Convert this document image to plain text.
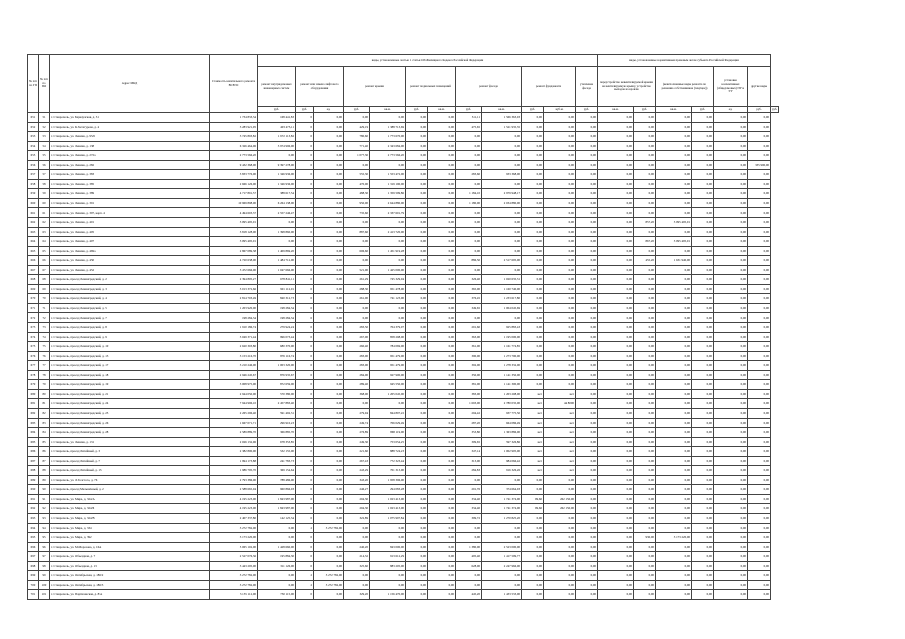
№ п/п по ГП	№ п/п по ПО	Адрес МКД	Стоимость капитального ремонта ВСЕГО	виды, установленные частью 1 статьи 166 Жилищного Кодекса Российской Федерации												виды, установленные нормативным правовым актом субъекта Российской Федерации						
				ремонт внутридомовых инженерных систем	ремонт или замена лифтового оборудования		ремонт крыши		ремонт подвальных помещений		ремонт фасада		ремонт фундамента		утепление фасада	переустройство невентилируемой крыши на вентилируемую крышу, устройство выходов на кровлю		(неисполненные виды ремонта по решению собственников (текущее))		установка коллективных (общедомовых) ПУ и УУ	другие виды	
				руб.	руб.	ед.	руб.	кв.м.	руб.	кв.м.	руб.	кв.м.	руб.	куб.м.	руб.	кв.м.	руб.	кв.м.	руб.	ед.	руб.	руб.
651	51	г. Ставрополь, ул. Барнаулская, д. 31	1 734 833,34	168 441,83	0	0,00	0,00	0,00	0,00	0,00	511,11	1 566 363,03	0,00	0,00	0,00	0,00	0,00	0,00	0,00	0,00	0,00	
652	52	г. Ставрополь, ул. К.Хетагурова, д. 4	3 283 921,95	403 475,11	0	0,00	429,19	1 388 713,69	0,00	0,00	475,65	1 521 935,35	0,00	0,00	0,00	0,00	0,00	0,00	0,00	0,00	0,00	
653	53	г. Ставрополь, ул. Ленина, д. 95/6	3 745 893,82	1 972 113,82	0	0,00	780,60	1 773 670,00	0,00	0,00	0,00	0,00	0,00	0,00	0,00	0,00	0,00	0,00	0,00	0,00	0,00	
654	54	г. Ставрополь, ул. Ленина, д. 138	6 326 464,06	3 974 996,00	0	0,00	771,40	2 343 684,00	0,00	0,00	0,00	0,00	0,00	0,00	0,00	0,00	0,00	0,00	0,00	0,00	0,00	
655	55	г. Ставрополь, ул. Ленина, д. 272а	2 773 566,20	0,00	0	0,00	1 077,30	2 773 566,20	0,00	0,00	0,00	0,00	0,00	0,00	0,00	0,00	0,00	0,00	0,00	0,00	0,00	
656	56	г. Ставрополь, ул. Ленина, д. 282	9 432 368,00	9 397 278,00	0	0,00	0,00	0,00	0,00	0,00	0,00	0,00	0,00	0,00	0,00	0,00	0,00	0,00	0,00	0,00	335 990,00	
657	57	г. Ставрополь, ул. Ленина, д. 383	3 833 776,00	1 346 936,00	0	0,00	555,30	1 553 472,00	0,00	0,00	283,60	933 368,00	0,00	0,00	0,00	0,00	0,00	0,00	0,00	0,00	0,00	
658	58	г. Ставрополь, ул. Ленина, д. 385	2 666 126,00	1 346 936,00	0	0,00	470,00	1 319 190,00	0,00	0,00	0,00	0,00	0,00	0,00	0,00	0,00	0,00	0,00	0,00	0,00	0,00	
659	59	г. Ставрополь, ул. Ленина, д. 389	4 717 891,57	388 617,54	0	0,00	488,30	1 359 599,86	0,00	0,00	1 184,10	2 979 948,17	0,00	0,00	0,00	0,00	0,00	0,00	0,00	0,00	0,00	
660	60	г. Ставрополь, ул. Ленина, д. 391	10 969 898,00	6 264 138,00	0	0,00	950,00	2 644 880,00	0,00	0,00	1 180,00	2 034 880,00	0,00	0,00	0,00	0,00	0,00	0,00	0,00	0,00	0,00	
661	61	г. Ставрополь, ул. Ленина, д. 397, корп. 4	4 494 603,37	2 557 246,47	0	0,00	735,60	2 337 601,79	0,00	0,00	0,00	0,00	0,00	0,00	0,00	0,00	0,00	0,00	0,00	0,00	0,00	
662	62	г. Ставрополь, ул. Ленина, д. 401	3 095 495,01	0,00	0	0,00	0,00	0,00	0,00	0,00	0,00	0,00	0,00	0,00	0,00	0,00	857,20	3 095 495,01	0,00	0,00	0,00	
663	63	г. Ставрополь, ул. Ленина, д. 405	3 818 128,00	1 398 860,00	0	0,00	887,60	2 413 720,00	0,00	0,00	0,00	0,00	0,00	0,00	0,00	0,00	0,00	0,00	0,00	0,00	0,00	
664	64	г. Ставрополь, ул. Ленина, д. 407	3 095 495,01	0,00	0	0,00	0,00	0,00	0,00	0,00	0,00	0,00	0,00	0,00	0,00	0,00	867,20	3 095 495,01	0,00	0,00	0,00	
665	65	г. Ставрополь, ул. Ленина, д. 469а	2 867 089,38	1 409 869,20	0	0,00	606,60	1 451 919,28	0,00	0,00	0,00	0,00	0,00	0,00	0,00	0,00	0,00	0,00	0,00	0,00	0,00	
666	66	г. Ставрополь, ул. Ленина, д. 450	4 720 638,00	1 484 712,00	0	0,00	0,00	0,00	0,00	0,00	886,50	2 517 695,00	0,00	0,00	0,00	0,00	455,20	1 631 940,00	0,00	0,00	0,00	
667	67	г. Ставрополь, ул. Ленина, д. 452	3 472 666,00	1 047 666,00	0	0,00	521,00	1 425 000,00	0,00	0,00	0,00	0,00	0,00	0,00	0,00	0,00	0,00	0,00	0,00	0,00	0,00	
668	68	г. Ставрополь, проезд Ленинградский, д. 2	2 394 805,27	678 841,11	0	0,00	261,29	745 329,04	0,00	0,00	326,40	1 020 635,31	0,00	0,00	0,00	0,00	0,00	0,00	0,00	0,00	0,00	
669	69	г. Ставрополь, проезд Ленинградский, д. 3	3 013 372,66	901 112,01	0	0,00	288,30	951 478,00	0,00	0,00	365,00	1 160 740,00	0,00	0,00	0,00	0,00	0,00	0,00	0,00	0,00	0,00	
670	70	г. Ставрополь, проезд Ленинградский, д. 4	2 814 703,49	840 312,73	0	0,00	261,00	741 123,00	0,00	0,00	376,45	1 233 617,80	0,00	0,00	0,00	0,00	0,00	0,00	0,00	0,00	0,00	
671	71	г. Ставрополь, проезд Ленинградский, д. 5	1 203 920,00	198 284,34	0	0,00	0,00	0,00	0,00	0,00	349,65	1 004 045,69	0,00	0,00	0,00	0,00	0,00	0,00	0,00	0,00	0,00	
672	72	г. Ставрополь, проезд Ленинградский, д. 7	198 284,34	198 284,34	0	0,00	0,00	0,00	0,00	0,00	0,00	0,00	0,00	0,00	0,00	0,00	0,00	0,00	0,00	0,00	0,00	
673	73	г. Ставрополь, проезд Ленинградский, д. 8	1 910 186,74	279 924,24	0	0,00	283,50	704 379,07	0,00	0,00	291,60	925 883,43	0,00	0,00	0,00	0,00	0,00	0,00	0,00	0,00	0,00	
674	74	г. Ставрополь, проезд Ленинградский, д. 9	3 049 371,44	996 073,44	0	0,00	267,00	858 298,00	0,00	0,00	363,00	1 195 000,00	0,00	0,00	0,00	0,00	0,00	0,00	0,00	0,00	0,00	
675	75	г. Ставрополь, проезд Ленинградский, д. 10	2 620 303,80	680 370,00	0	0,00	260,40	784 069,00	0,00	0,00	361,00	1 161 774,85	0,00	0,00	0,00	0,00	0,00	0,00	0,00	0,00	0,00	
676	76	г. Ставрополь, проезд Ленинградский, д. 13	3 153 216,70	876 116,74	0	0,00	283,00	951 479,00	0,00	0,00	390,00	1 273 790,00	0,00	0,00	0,00	0,00	0,00	0,00	0,00	0,00	0,00	
677	77	г. Ставрополь, проезд Ленинградский, д. 17	3 210 246,00	1 003 320,00	0	0,00	283,00	951 479,00	0,00	0,00	392,00	1 278 332,00	0,00	0,00	0,00	0,00	0,00	0,00	0,00	0,00	0,00	
678	78	г. Ставрополь, проезд Ленинградский, д. 18	2 946 245,67	876 935,67	0	0,00	284,00	927 900,00	0,00	0,00	350,00	1 141 350,00	0,00	0,00	0,00	0,00	0,00	0,00	0,00	0,00	0,00	
679	79	г. Ставрополь, проезд Ленинградский, д. 19	3 008 975,00	872 659,00	0	0,00	289,40	945 550,00	0,00	0,00	381,00	1 141 300,00	0,00	0,00	0,00	0,00	0,00	0,00	0,00	0,00	0,00	
680	80	г. Ставрополь, проезд Ленинградский, д. 21	2 944 050,00	570 380,00	0	0,00	368,00	1 205 045,00	0,00	0,00	383,00	1 203 208,00	нет	нет	0,00	0,00	0,00	0,00	0,00	0,00	0,00	
681	81	г. Ставрополь, проезд Ленинградский, д. 24	7 944 996,10	2 457 883,40	0	0,00	0,00	0,00	0,00	0,00	1 693,00	2 780 035,00	нет	44 8000	0,00	0,00	0,00	0,00	0,00	0,00	0,00	
682	82	г. Ставрополь, проезд Ленинградский, д. 25	2 265 296,40	591 492,31	0	0,00	279,94	844 897,22	0,00	0,00	294,42	937 775,50	нет	нет	0,00	0,00	0,00	0,00	0,00	0,00	0,00	
683	83	г. Ставрополь, проезд Ленинградский, д. 26	1 667 071,71	296 910,23	0	0,00	249,74	706 029,49	0,00	0,00	287,20	664 086,49	нет	нет	0,00	0,00	0,00	0,00	0,00	0,00	0,00	
684	84	г. Ставрополь, проезд Ленинградский, д. 28	2 589 889,70	366 885,70	0	0,00	276,89	868 119,00	0,00	0,00	353,80	1 363 886,00	нет	нет	0,00	0,00	0,00	0,00	0,00	0,00	0,00	
685	85	г. Ставрополь, ул. Ленина, д. 131	2 026 132,96	678 353,85	0	0,00	249,30	753 054,25	0,00	0,00	309,65	597 326,86	нет	нет	0,00	0,00	0,00	0,00	0,00	0,00	0,00	
686	86	г. Ставрополь, проезд Литейный, д. 3	2 382 800,00	532 155,00	0	0,00	221,60	888 724,23	0,00	0,00	347,14	1 002 905,00	нет	нет	0,00	0,00	0,00	0,00	0,00	0,00	0,00	
687	87	г. Ставрополь, проезд Литейный, д. 7	1 994 173,88	241 783,73	0	0,00	267,43	772 323,44	0,00	0,00	313,00	984 066,42	нет	нет	0,00	0,00	0,00	0,00	0,00	0,00	0,00	
688	88	г. Ставрополь, проезд Литейный, д. 13	1 986 795,70	369 154,64	0	0,00	243,29	701 313,90	0,00	0,00	284,83	916 326,26	нет	нет	0,00	0,00	0,00	0,00	0,00	0,00	0,00	
689	89	г. Ставрополь, ул. Л.Толстого, д. 76	2 793 386,00	788 486,00	0	0,00	343,20	1 958 396,00	0,00	0,00	0,00	0,00	0,00	0,00	0,00	0,00	0,00	0,00	0,00	0,00	0,00	
690	90	г. Ставрополь, проезд Мельничный, д. 2	2 588 665,04	960 866,03	0	0,00	246,27	294 083,28	0,00	0,00	291,76	374 664,03	0,00	0,00	0,00	0,00	0,00	0,00	0,00	0,00	0,00	
691	91	г. Ставрополь, ул. Мира, д. 324/А	4 195 223,00	1 843 987,00	0	0,00	294,30	1 023 413,00	0,00	0,00	334,40	1 741 374,00	99,60	262 150,00	0,00	0,00	0,00	0,00	0,00	0,00	0,00	
692	92	г. Ставрополь, ул. Мира, д. 324/Б	4 195 223,00	1 843 987,00	0	0,00	294,30	1 023 413,00	0,00	0,00	334,40	1 741 374,00	99,60	262 150,00	0,00	0,00	0,00	0,00	0,00	0,00	0,00	
693	93	г. Ставрополь, ул. Мира, д. 324/В	2 407 337,80	142 125,34	0	0,00	322,89	1 075 997,84	0,00	0,00	399,72	1 270 825,20	0,00	0,00	0,00	0,00	0,00	0,00	0,00	0,00	0,00	
694	94	г. Ставрополь, ул. Мира, д. 334	3 272 782,00	0,00	2	3 272 782,00	0,00	0,00	0,00	0,00	0,00	0,00	0,00	0,00	0,00	0,00	0,00	0,00	0,00	0,00	0,00	
695	95	г. Ставрополь, ул. Мира, д. 392	3 173 220,00	0,00	0	0,00	0,00	0,00	0,00	0,00	0,00	0,00	0,00	0,00	0,00	0,00	930,00	3 173 220,00	0,00	0,00	0,00	
696	96	г. Ставрополь, ул. М.Морозова, д. 16А	5 065 102,00	1 428 660,00	0	0,00	240,20	843 000,00	0,00	0,00	1 380,00	2 523 000,00	0,00	0,00	0,00	0,00	0,00	0,00	0,00	0,00	0,00	
697	97	г. Ставрополь, ул. Объездная, д. 7	2 527 076,36	195 884,30	0	0,00	214,32	913 612,29	0,00	0,00	495,40	1 417 599,77	0,00	0,00	0,00	0,00	0,00	0,00	0,00	0,00	0,00	
698	98	г. Ставрополь, ул. Объездная, д. 13	3 443 295,00	311 126,00	0	0,00	325,60	883 205,00	0,00	0,00	628,00	2 247 966,00	0,00	0,00	0,00	0,00	0,00	0,00	0,00	0,00	0,00	
699	99	г. Ставрополь, ул. Октябрьская, д. 186/2	3 272 782,00	0,00	2	3 272 782,00	0,00	0,00	0,00	0,00	0,00	0,00	0,00	0,00	0,00	0,00	0,00	0,00	0,00	0,00	0,00	
700	100	г. Ставрополь, ул. Октябрьская, д. 186/3	3 272 782,00	0,00	2	3 272 782,00	0,00	0,00	0,00	0,00	0,00	0,00	0,00	0,00	0,00	0,00	0,00	0,00	0,00	0,00	0,00	
701	101	г. Ставрополь, ул. Партизанская, д. 8/А	3 155 112,00	750 115,00	0	0,00	329,20	1 156 470,00	0,00	0,00	445,20	1 433 533,00	0,00	0,00	0,00	0,00	0,00	0,00	0,00	0,00	0,00	
